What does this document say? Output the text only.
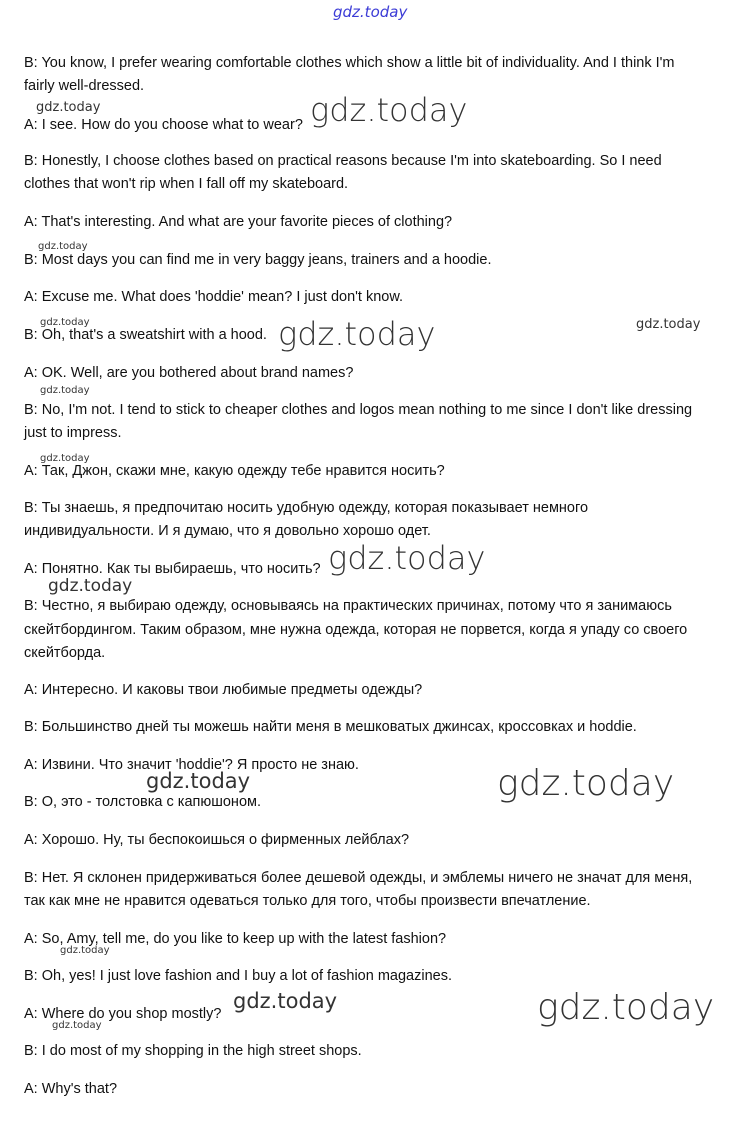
gdz.today
gdz.today	gdz.today
gdz.today
gdz.today	gdz.today	gdz.today
gdz.today
gdz.today
gdz.today
gdz.today
gdz.today	gdz.today
gdz.today
gdz.today	gdz.today
gdz.today
B: You know, I prefer wearing comfortable clothes which show a little bit of individuality. And I think I'm
fairly well-dressed.
A: I see. How do you choose what to wear?
B: Honestly, I choose clothes based on practical reasons because I'm into skateboarding. So I need
clothes that won't rip when I fall off my skateboard.
A: That's interesting. And what are your favorite pieces of clothing?
B: Most days you can find me in very baggy jeans, trainers and a hoodie.
A: Excuse me. What does 'hoddie' mean? I just don't know.
B: Oh, that's a sweatshirt with a hood.
A: OK. Well, are you bothered about brand names?
B: No, I'm not. I tend to stick to cheaper clothes and logos mean nothing to me since I don't like dressing
just to impress.
A: Так, Джон, скажи мне, какую одежду тебе нравится носить?
B: Ты знаешь, я предпочитаю носить удобную одежду, которая показывает немного
индивидуальности. И я думаю, что я довольно хорошо одет.
A: Понятно. Как ты выбираешь, что носить?
B: Честно, я выбираю одежду, основываясь на практических причинах, потому что я занимаюсь
скейтбордингом. Таким образом, мне нужна одежда, которая не порвется, когда я упаду со своего
скейтборда.
A: Интересно. И каковы твои любимые предметы одежды?
B: Большинство дней ты можешь найти меня в мешковатых джинсах, кроссовках и hoddie.
A: Извини. Что значит 'hoddie'? Я просто не знаю.
B: О, это - толстовка с капюшоном.
A: Хорошо. Ну, ты беспокоишься о фирменных лейблах?
B: Нет. Я склонен придерживаться более дешевой одежды, и эмблемы ничего не значат для меня,
так как мне не нравится одеваться только для того, чтобы произвести впечатление.
A: So, Amy, tell me, do you like to keep up with the latest fashion?
B: Oh, yes! I just love fashion and I buy a lot of fashion magazines.
A: Where do you shop mostly?
B: I do most of my shopping in the high street shops.
A: Why's that?
